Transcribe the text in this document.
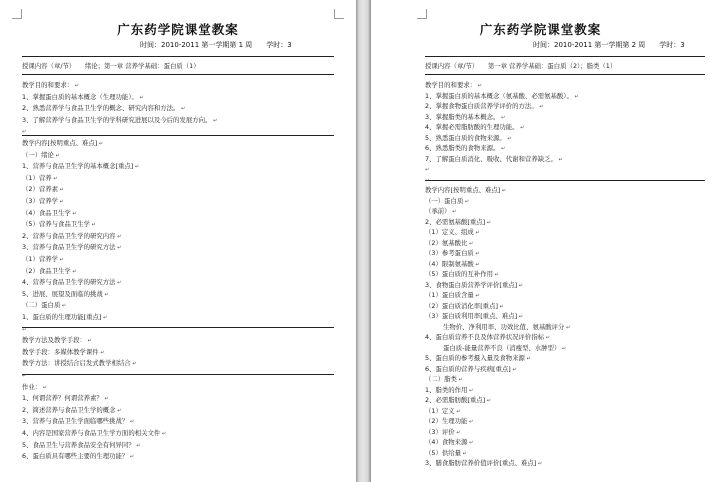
广东药学院课堂教案
时间：2010-2011 第一学期第 1 周　　学时：3
授课内容（章/节）　　绪论；第一章 营养学基础：蛋白质（1）
教学目的和要求： ↵
1、掌握蛋白质的基本概念（生理功能）。 ↵
2、熟悉营养学与食品卫生学的概念、研究内容和方法。 ↵
3、了解营养学与食品卫生学的学科研究进展以及今后的发展方向。 ↵
↵
教学内容[按明重点、难点] ↵
（一）绪论 ↵
1、营养与食品卫生学的基本概念[重点] ↵
（1）营养 ↵
（2）营养素 ↵
（3）营养学 ↵
（4）食品卫生学 ↵
（5）营养与食品卫生学 ↵
2、营养与食品卫生学的研究内容 ↵
3、营养与食品卫生学的研究方法 ↵
（1）营养学 ↵
（2）食品卫生学 ↵
4、营养与食品卫生学的研究方法 ↵
5、进展、展望及面临的挑战 ↵
（二）蛋白质 ↵
1、蛋白质的生理功能[重点] ↵
↵
教学方法及教学手段： ↵
教学手段：多媒体教学课件 ↵
教学方法：讲授结合启发式教学相结合 ↵
↵
作业： ↵
1、何谓营养？何谓营养素？ ↵
2、简述营养与食品卫生学的概念 ↵
3、营养与食品卫生学面临哪些挑战？ ↵
4、内容是国家营养与食品卫生学方面的相关文件 ↵
5、食品卫生与营养食品安全有何异同？ ↵
6、蛋白质具有哪些主要的生理功能？ ↵
广东药学院课堂教案
时间：2010-2011 第一学期第 2 周　　学时：3
授课内容（章/节）　　第一章 营养学基础：蛋白质（2）；脂类（1）
教学目的和要求： ↵
1、掌握蛋白质的基本概念（氨基酸、必需氨基酸）。 ↵
2、掌握食物蛋白质营养学评价的方法。 ↵
3、掌握脂类的基本概念。 ↵
4、掌握必需脂肪酸的生理功能。 ↵
5、熟悉蛋白质的食物来源。 ↵
6、熟悉脂类的食物来源。 ↵
7、了解蛋白质消化、吸收、代谢和营养缺乏。 ↵
↵
↵
教学内容[按明重点、难点] ↵
（一）蛋白质 ↵
（承前） ↵
2、必需氨基酸[重点] ↵
（1）定义、组成 ↵
（2）氨基酸比 ↵
（3）参考蛋白质 ↵
（4）限制氨基酸 ↵
（5）蛋白质的互补作用 ↵
3、食物蛋白质营养学评价[重点] ↵
（1）蛋白质含量 ↵
（2）蛋白质消化率[重点] ↵
（3）蛋白质利用率[重点、难点] ↵
生物价、净利用率、功效比值、氨基酸评分 ↵
4、蛋白质营养不良及体营养状况评价指标 ↵
蛋白质-能量营养不良（消瘦型、水肿型） ↵
5、蛋白质的参考摄入量及食物来源 ↵
6、蛋白质的营养与疾病[重点] ↵
（二）脂类 ↵
1、脂类的作用 ↵
2、必需脂肪酸[重点] ↵
（1）定义 ↵
（2）生理功能 ↵
（3）评价 ↵
（4）食物来源 ↵
（5）供给量 ↵
3、膳食脂肪营养价值评价[重点、难点] ↵
